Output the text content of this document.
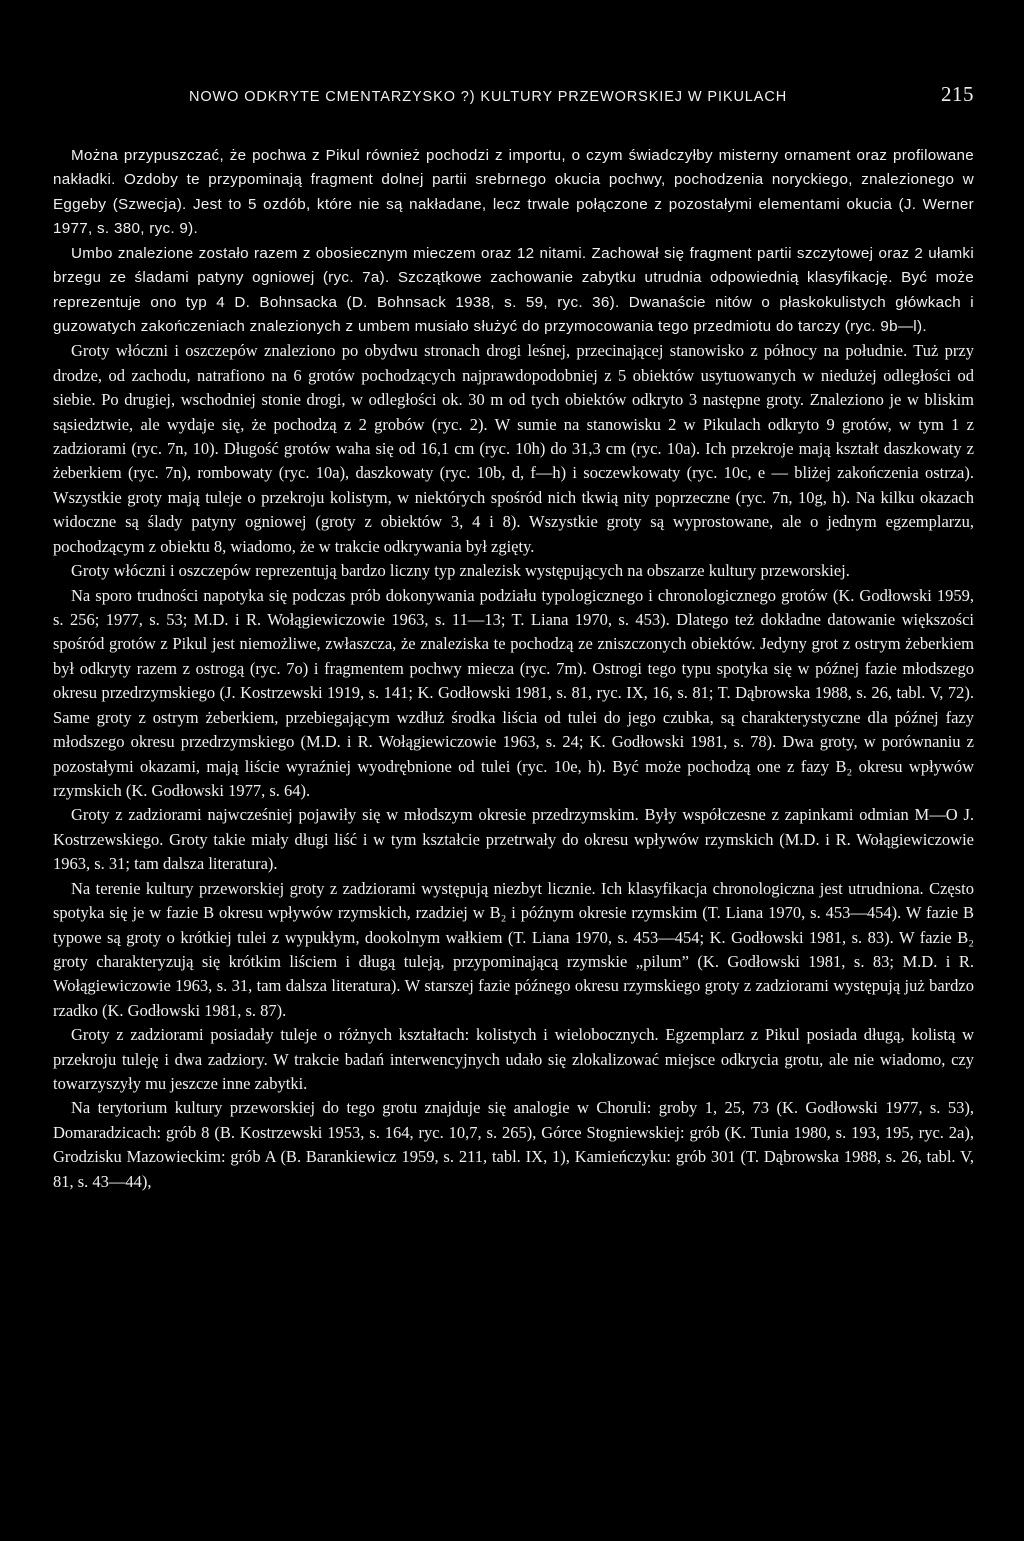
NOWO ODKRYTE CMENTARZYSKO ?) KULTURY PRZEWORSKIEJ W PIKULACH	215

Można przypuszczać, że pochwa z Pikul również pochodzi z importu, o czym świadczyłby misterny ornament oraz profilowane nakładki. Ozdoby te przypominają fragment dolnej partii srebrnego okucia pochwy, pochodzenia noryckiego, znalezionego w Eggeby (Szwecja). Jest to 5 ozdób, które nie są nakładane, lecz trwale połączone z pozostałymi elementami okucia (J. Werner 1977, s. 380, ryc. 9).

Umbo znalezione zostało razem z obosiecznym mieczem oraz 12 nitami. Zachował się fragment partii szczytowej oraz 2 ułamki brzegu ze śladami patyny ogniowej (ryc. 7a). Szczątkowe zachowanie zabytku utrudnia odpowiednią klasyfikację. Być może reprezentuje ono typ 4 D. Bohnsacka (D. Bohnsack 1938, s. 59, ryc. 36). Dwanaście nitów o płaskokulistych główkach i guzowatych zakończeniach znalezionych z umbem musiało służyć do przymocowania tego przedmiotu do tarczy (ryc. 9b—l).

Groty włóczni i oszczepów znaleziono po obydwu stronach drogi leśnej, przecinającej stanowisko z północy na południe. Tuż przy drodze, od zachodu, natrafiono na 6 grotów pochodzących najprawdopodobniej z 5 obiektów usytuowanych w niedużej odległości od siebie. Po drugiej, wschodniej stonie drogi, w odległości ok. 30 m od tych obiektów odkryto 3 następne groty. Znaleziono je w bliskim sąsiedztwie, ale wydaje się, że pochodzą z 2 grobów (ryc. 2). W sumie na stanowisku 2 w Pikulach odkryto 9 grotów, w tym 1 z zadziorami (ryc. 7n, 10). Długość grotów waha się od 16,1 cm (ryc. 10h) do 31,3 cm (ryc. 10a). Ich przekroje mają kształt daszkowaty z żeberkiem (ryc. 7n), rombowaty (ryc. 10a), daszkowaty (ryc. 10b, d, f—h) i soczewkowaty (ryc. 10c, e — bliżej zakończenia ostrza). Wszystkie groty mają tuleje o przekroju kolistym, w niektórych spośród nich tkwią nity poprzeczne (ryc. 7n, 10g, h). Na kilku okazach widoczne są ślady patyny ogniowej (groty z obiektów 3, 4 i 8). Wszystkie groty są wyprostowane, ale o jednym egzemplarzu, pochodzącym z obiektu 8, wiadomo, że w trakcie odkrywania był zgięty.

Groty włóczni i oszczepów reprezentują bardzo liczny typ znalezisk występujących na obszarze kultury przeworskiej.

Na sporo trudności napotyka się podczas prób dokonywania podziału typologicznego i chronologicznego grotów (K. Godłowski 1959, s. 256; 1977, s. 53; M.D. i R. Wołągiewiczowie 1963, s. 11—13; T. Liana 1970, s. 453). Dlatego też dokładne datowanie większości spośród grotów z Pikul jest niemożliwe, zwłaszcza, że znaleziska te pochodzą ze zniszczonych obiektów. Jedyny grot z ostrym żeberkiem był odkryty razem z ostrogą (ryc. 7o) i fragmentem pochwy miecza (ryc. 7m). Ostrogi tego typu spotyka się w późnej fazie młodszego okresu przedrzymskiego (J. Kostrzewski 1919, s. 141; K. Godłowski 1981, s. 81, ryc. IX, 16, s. 81; T. Dąbrowska 1988, s. 26, tabl. V, 72). Same groty z ostrym żeberkiem, przebiegającym wzdłuż środka liścia od tulei do jego czubka, są charakterystyczne dla późnej fazy młodszego okresu przedrzymskiego (M.D. i R. Wołągiewiczowie 1963, s. 24; K. Godłowski 1981, s. 78). Dwa groty, w porównaniu z pozostałymi okazami, mają liście wyraźniej wyodrębnione od tulei (ryc. 10e, h). Być może pochodzą one z fazy B₂ okresu wpływów rzymskich (K. Godłowski 1977, s. 64).

Groty z zadziorami najwcześniej pojawiły się w młodszym okresie przedrzymskim. Były współczesne z zapinkami odmian M—O J. Kostrzewskiego. Groty takie miały długi liść i w tym kształcie przetrwały do okresu wpływów rzymskich (M.D. i R. Wołągiewiczowie 1963, s. 31; tam dalsza literatura).

Na terenie kultury przeworskiej groty z zadziorami występują niezbyt licznie. Ich klasyfikacja chronologiczna jest utrudniona. Często spotyka się je w fazie B okresu wpływów rzymskich, rzadziej w B₂ i późnym okresie rzymskim (T. Liana 1970, s. 453—454). W fazie B typowe są groty o krótkiej tulei z wypukłym, dookolnym wałkiem (T. Liana 1970, s. 453—454; K. Godłowski 1981, s. 83). W fazie B₂ groty charakteryzują się krótkim liściem i długą tuleją, przypominającą rzymskie „pilum” (K. Godłowski 1981, s. 83; M.D. i R. Wołągiewiczowie 1963, s. 31, tam dalsza literatura). W starszej fazie późnego okresu rzymskiego groty z zadziorami występują już bardzo rzadko (K. Godłowski 1981, s. 87).

Groty z zadziorami posiadały tuleje o różnych kształtach: kolistych i wielobocznych. Egzemplarz z Pikul posiada długą, kolistą w przekroju tuleję i dwa zadziory. W trakcie badań interwencyjnych udało się zlokalizować miejsce odkrycia grotu, ale nie wiadomo, czy towarzyszyły mu jeszcze inne zabytki.

Na terytorium kultury przeworskiej do tego grotu znajduje się analogie w Choruli: groby 1, 25, 73 (K. Godłowski 1977, s. 53), Domaradzicach: grób 8 (B. Kostrzewski 1953, s. 164, ryc. 10,7, s. 265), Górce Stogniewskiej: grób (K. Tunia 1980, s. 193, 195, ryc. 2a), Grodzisku Mazowieckim: grób A (B. Barankiewicz 1959, s. 211, tabl. IX, 1), Kamieńczyku: grób 301 (T. Dąbrowska 1988, s. 26, tabl. V, 81, s. 43—44),
